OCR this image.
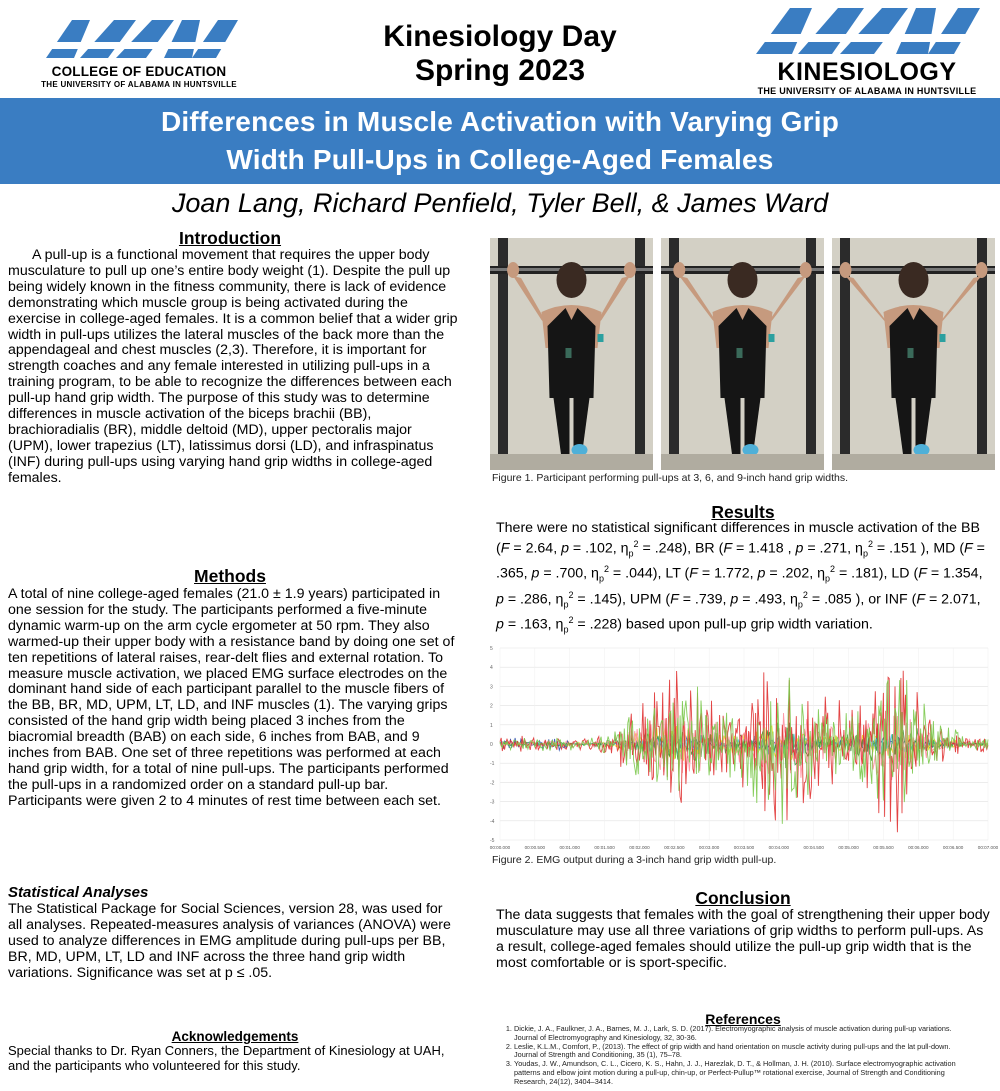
COLLEGE OF EDUCATION
THE UNIVERSITY OF ALABAMA IN HUNTSVILLE
Kinesiology Day
Spring 2023	KINESIOLOGY
THE UNIVERSITY OF ALABAMA IN HUNTSVILLE
Differences in Muscle Activation with Varying Grip
Width Pull-Ups in College-Aged Females
Joan Lang, Richard Penfield, Tyler Bell, & James Ward
Introduction
A pull-up is a functional movement that requires the upper body musculature to pull up one’s entire body weight (1). Despite the pull up being widely known in the fitness community, there is lack of evidence demonstrating which muscle group is being activated during the exercise in college-aged females. It is a common belief that a wider grip width in pull-ups utilizes the lateral muscles of the back more than the appendageal and chest muscles (2,3). Therefore, it is important for strength coaches and any female interested in utilizing pull-ups in a training program, to be able to recognize the differences between each pull-up hand grip width. The purpose of this study was to determine differences in muscle activation of the biceps brachii (BB), brachioradialis (BR), middle deltoid (MD), upper pectoralis major (UPM), lower trapezius (LT), latissimus dorsi (LD), and infraspinatus (INF) during pull-ups using varying hand grip widths in college-aged females.
Methods
A total of nine college-aged females (21.0 ± 1.9 years) participated in one session for the study. The participants performed a five-minute dynamic warm-up on the arm cycle ergometer at 50 rpm. They also warmed-up their upper body with a resistance band by doing one set of ten repetitions of lateral raises, rear-delt flies and external rotation. To measure muscle activation, we placed EMG surface electrodes on the dominant hand side of each participant parallel to the muscle fibers of the BB, BR, MD, UPM, LT, LD, and INF muscles (1). The varying grips consisted of the hand grip width being placed 3 inches from the biacromial breadth (BAB) on each side, 6 inches from BAB, and 9 inches from BAB. One set of three repetitions was performed at each hand grip width, for a total of nine pull-ups. The participants performed the pull-ups in a randomized order on a standard pull-up bar. Participants were given 2 to 4 minutes of rest time between each set.
Statistical Analyses
The Statistical Package for Social Sciences, version 28, was used for all analyses. Repeated-measures analysis of variances (ANOVA) were used to analyze differences in EMG amplitude during pull-ups per BB, BR, MD, UPM, LT, LD and INF across the three hand grip width variations. Significance was set at p ≤ .05.
Acknowledgements
Special thanks to Dr. Ryan Conners, the Department of Kinesiology at UAH, and the participants who volunteered for this study.
Figure 1. Participant performing pull-ups at 3, 6, and 9-inch hand grip widths.
Results
There were no statistical significant differences in muscle activation of the BB (F = 2.64, p = .102, $\eta_p^2 = .248$), BR (F = 1.418 , p = .271, $\eta_p^2 = .151$ ), MD (F = .365, p = .700, $\eta_p^2 = .044$), LT (F = 1.772, p = .202, $\eta_p^2 = .181$), LD (F = 1.354, p = .286, $\eta_p^2 = .145$), UPM (F = .739, p = .493, $\eta_p^2 = .085$ ), or INF (F = 2.071, p = .163, $\eta_p^2 = .228$) based upon pull-up grip width variation.
5
4
3
2
1
0
-1
-2
-3
-4
-5
00:00.000	00:00.500	00:01.000	00:01.500	00:02.000	00:02.500	00:03.000	00:03.500	00:04.000	00:04.500	00:05.000	00:05.500	00:06.000	00:06.500	00:07.000
Figure 2. EMG output during a 3-inch hand grip width pull-up.
Conclusion
The data suggests that females with the goal of strengthening their upper body musculature may use all three variations of grip widths to perform pull-ups. As a result, college-aged females should utilize the pull-up grip width that is the most comfortable or is sport-specific.
References
1. Dickie, J. A., Faulkner, J. A., Barnes, M. J., Lark, S. D. (2017). Electromyographic analysis of muscle activation during pull-up variations. Journal of Electromyography and Kinesiology, 32, 30-36.
2. Leslie, K.L.M., Comfort, P., (2013). The effect of grip width and hand orientation on muscle activity during pull-ups and the lat pull-down. Journal of Strength and Conditioning, 35 (1), 75–78.
3. Youdas, J. W., Amundson, C. L., Cicero, K. S., Hahn, J. J., Harezlak, D. T., & Hollman, J. H. (2010). Surface electromyographic activation patterns and elbow joint motion during a pull-up, chin-up, or Perfect-Pullup™ rotational exercise, Journal of Strength and Conditioning Research, 24(12), 3404–3414.
